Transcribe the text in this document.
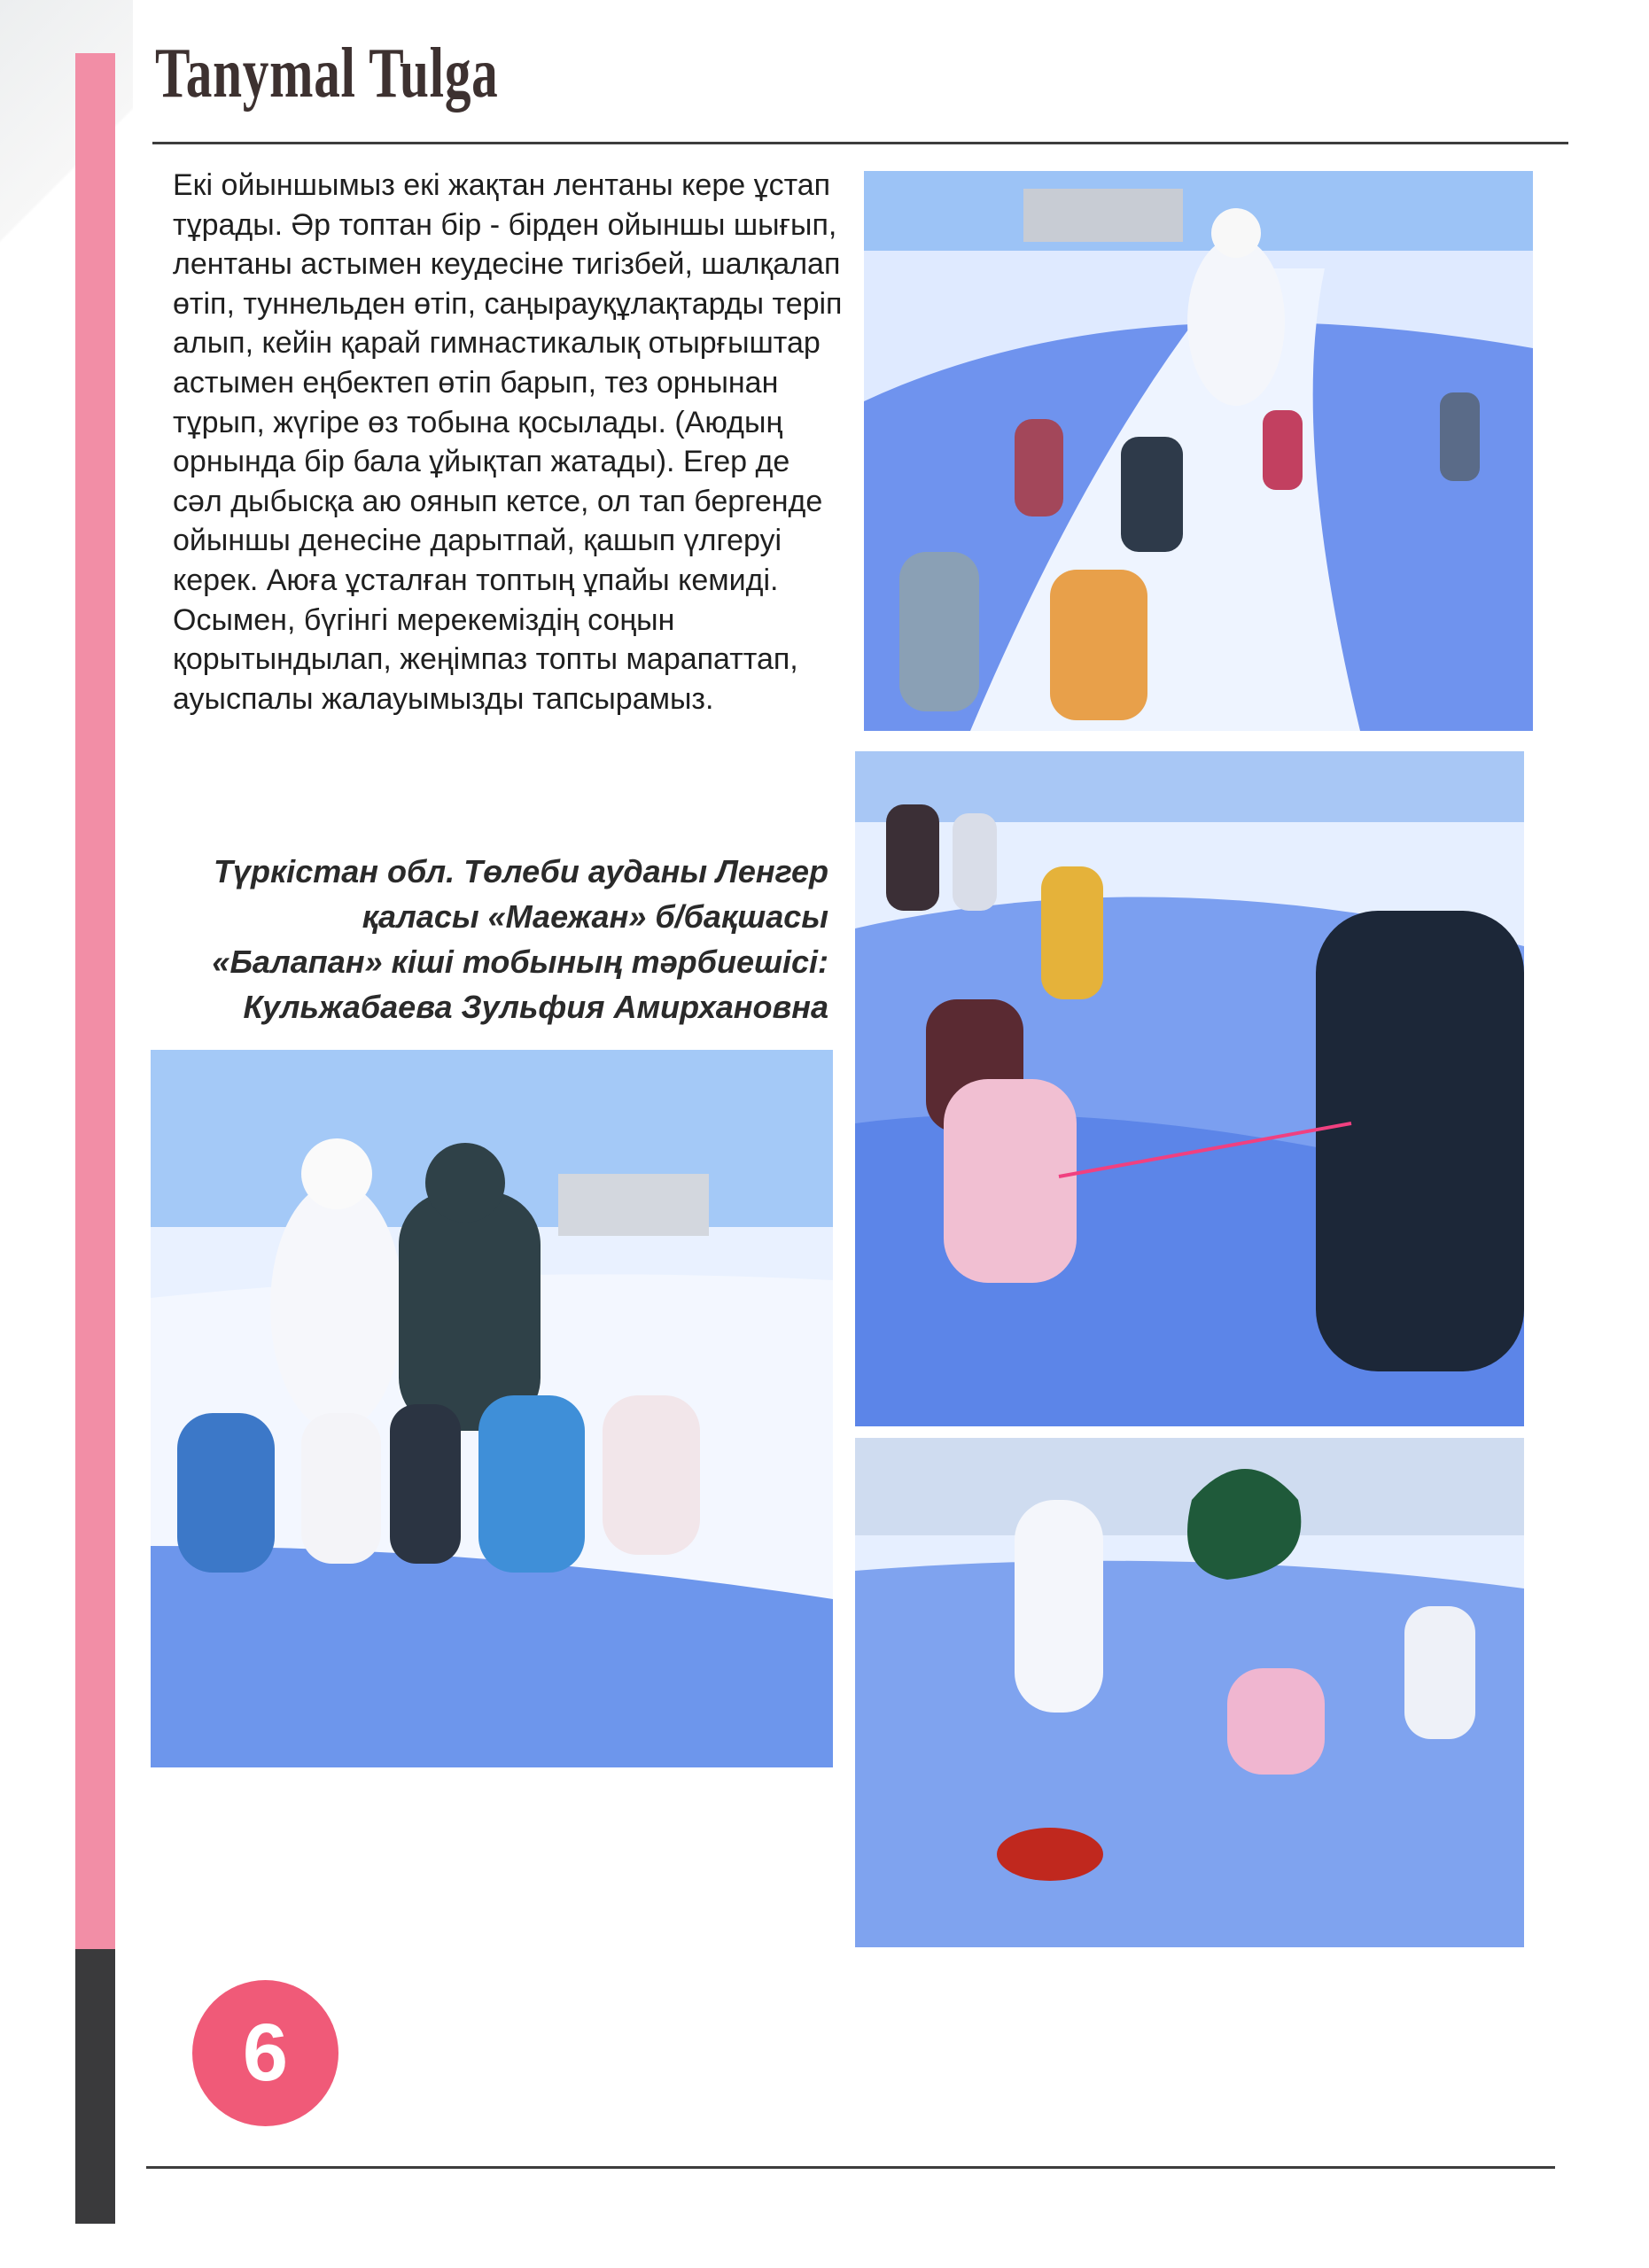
Tanymal Tulga

Екі ойыншымыз екі жақтан лентаны кере ұстап тұрады. Әр топтан бір - бірден ойыншы шығып, лентаны астымен кеудесіне тигізбей, шалқалап өтіп, туннельден өтіп, саңырауқұлақтарды теріп алып, кейін қарай гимнастикалық отырғыштар астымен еңбектеп өтіп барып, тез орнынан тұрып, жүгіре өз тобына қосылады. (Аюдың орнында бір бала ұйықтап жатады). Егер де сәл дыбысқа аю оянып кетсе, ол тап бергенде ойыншы денесіне дарытпай, қашып үлгеруі керек. Аюға ұсталған топтың ұпайы кемиді.

Осымен, бүгінгі мерекеміздің соңын қорытындылап, жеңімпаз топты марапаттап, ауыспалы жалауымызды тапсырамыз.

Түркістан обл. Төлеби ауданы Ленгер
қаласы «Маежан» б/бақшасы
«Балапан» кіші тобының тәрбиешісі:
Кульжабаева Зульфия Амирхановна
6
